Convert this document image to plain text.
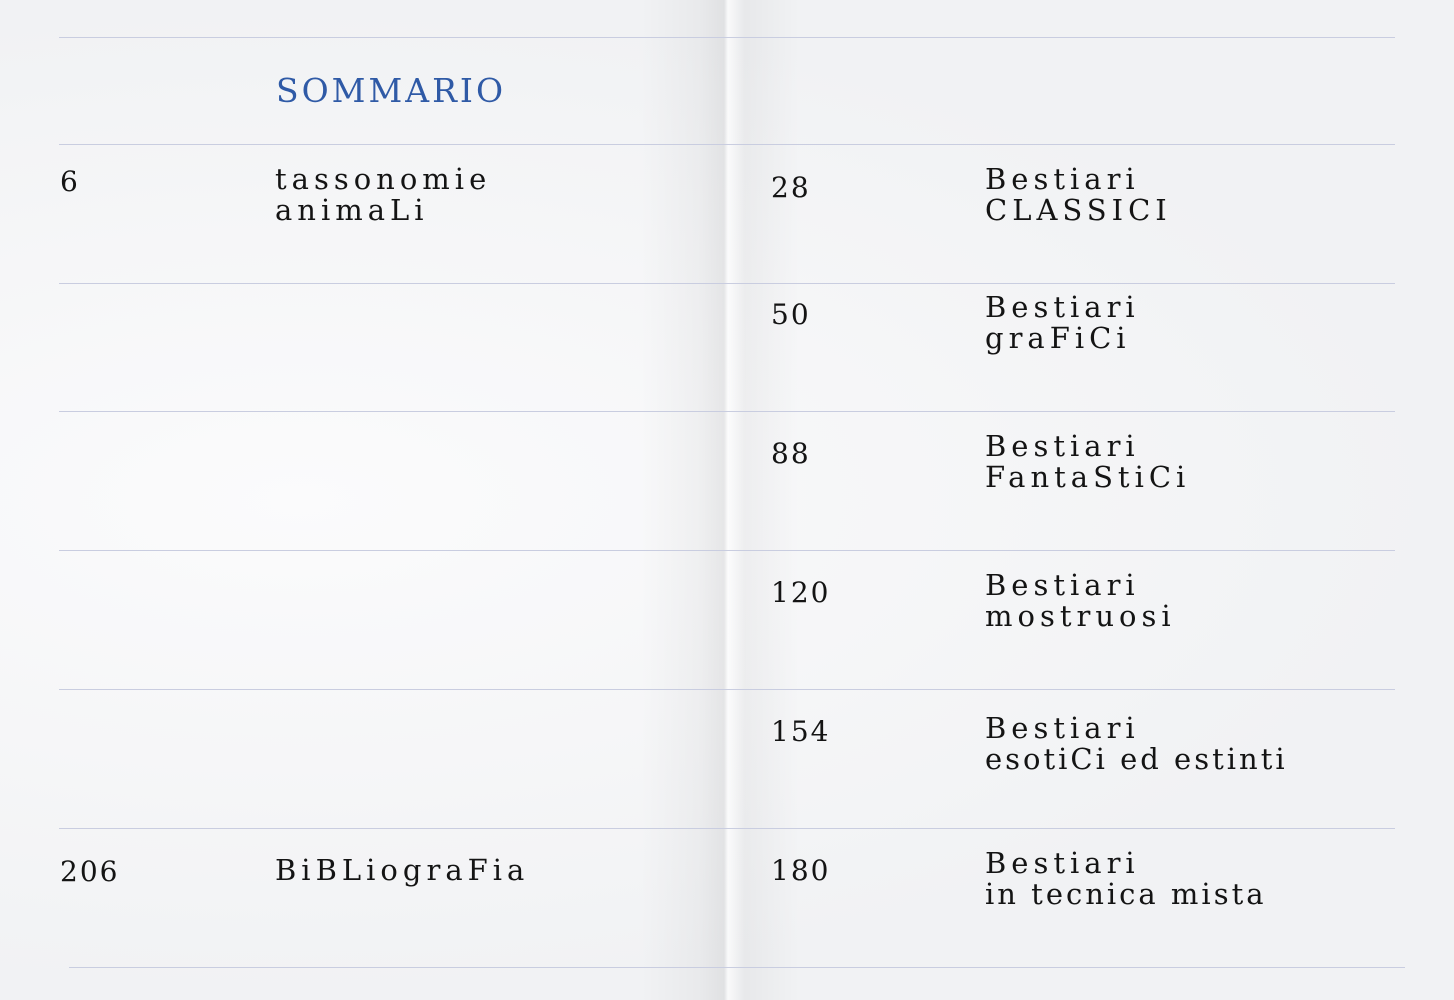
SOMMARIO
6	tassonomie
animaLi
206	BiBLiograFia
28	Bestiari
CLASSICI
50	Bestiari
graFiCi
88	Bestiari
FantaStiCi
120	Bestiari
mostruosi
154	Bestiari
esotiCi ed estinti
180	Bestiari
in tecnica mista
